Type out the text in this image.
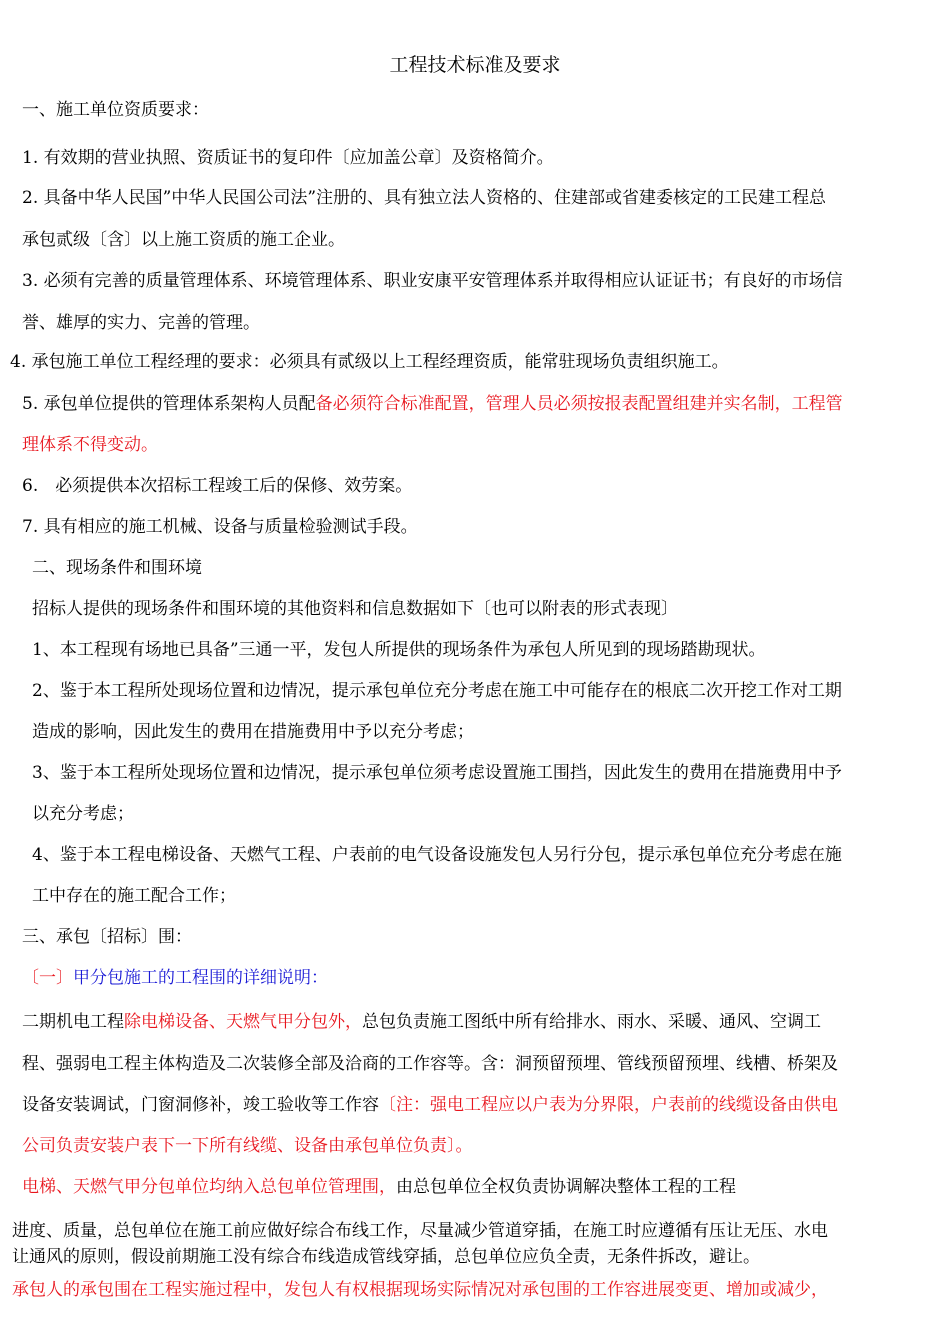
工程技术标准及要求
一、施工单位资质要求：
1. 有效期的营业执照、资质证书的复印件〔应加盖公章〕及资格简介。
2. 具备中华人民国”中华人民国公司法”注册的、具有独立法人资格的、住建部或省建委核定的工民建工程总
承包贰级〔含〕以上施工资质的施工企业。
3. 必须有完善的质量管理体系、环境管理体系、职业安康平安管理体系并取得相应认证证书；有良好的市场信
誉、雄厚的实力、完善的管理。
4. 承包施工单位工程经理的要求：必须具有贰级以上工程经理资质，能常驻现场负责组织施工。
5. 承包单位提供的管理体系架构人员配备必须符合标准配置，管理人员必须按报表配置组建并实名制，工程管
理体系不得变动。
6.　必须提供本次招标工程竣工后的保修、效劳案。
7. 具有相应的施工机械、设备与质量检验测试手段。
二、现场条件和围环境
招标人提供的现场条件和围环境的其他资料和信息数据如下〔也可以附表的形式表现〕
1、本工程现有场地已具备”三通一平，发包人所提供的现场条件为承包人所见到的现场踏勘现状。
2、鉴于本工程所处现场位置和边情况，提示承包单位充分考虑在施工中可能存在的根底二次开挖工作对工期
造成的影响，因此发生的费用在措施费用中予以充分考虑；
3、鉴于本工程所处现场位置和边情况，提示承包单位须考虑设置施工围挡，因此发生的费用在措施费用中予
以充分考虑；
4、鉴于本工程电梯设备、天燃气工程、户表前的电气设备设施发包人另行分包，提示承包单位充分考虑在施
工中存在的施工配合工作；
三、承包〔招标〕围：
〔一〕甲分包施工的工程围的详细说明：
二期机电工程除电梯设备、天燃气甲分包外，总包负责施工图纸中所有给排水、雨水、采暖、通风、空调工
程、强弱电工程主体构造及二次装修全部及洽商的工作容等。含：洞预留预埋、管线预留预埋、线槽、桥架及
设备安装调试，门窗洞修补，竣工验收等工作容〔注：强电工程应以户表为分界限，户表前的线缆设备由供电
公司负责安装户表下一下所有线缆、设备由承包单位负责〕。
电梯、天燃气甲分包单位均纳入总包单位管理围，由总包单位全权负责协调解决整体工程的工程
进度、质量，总包单位在施工前应做好综合布线工作，尽量减少管道穿插，在施工时应遵循有压让无压、水电
让通风的原则，假设前期施工没有综合布线造成管线穿插，总包单位应负全责，无条件拆改，避让。
承包人的承包围在工程实施过程中，发包人有权根据现场实际情况对承包围的工作容进展变更、增加或减少，
